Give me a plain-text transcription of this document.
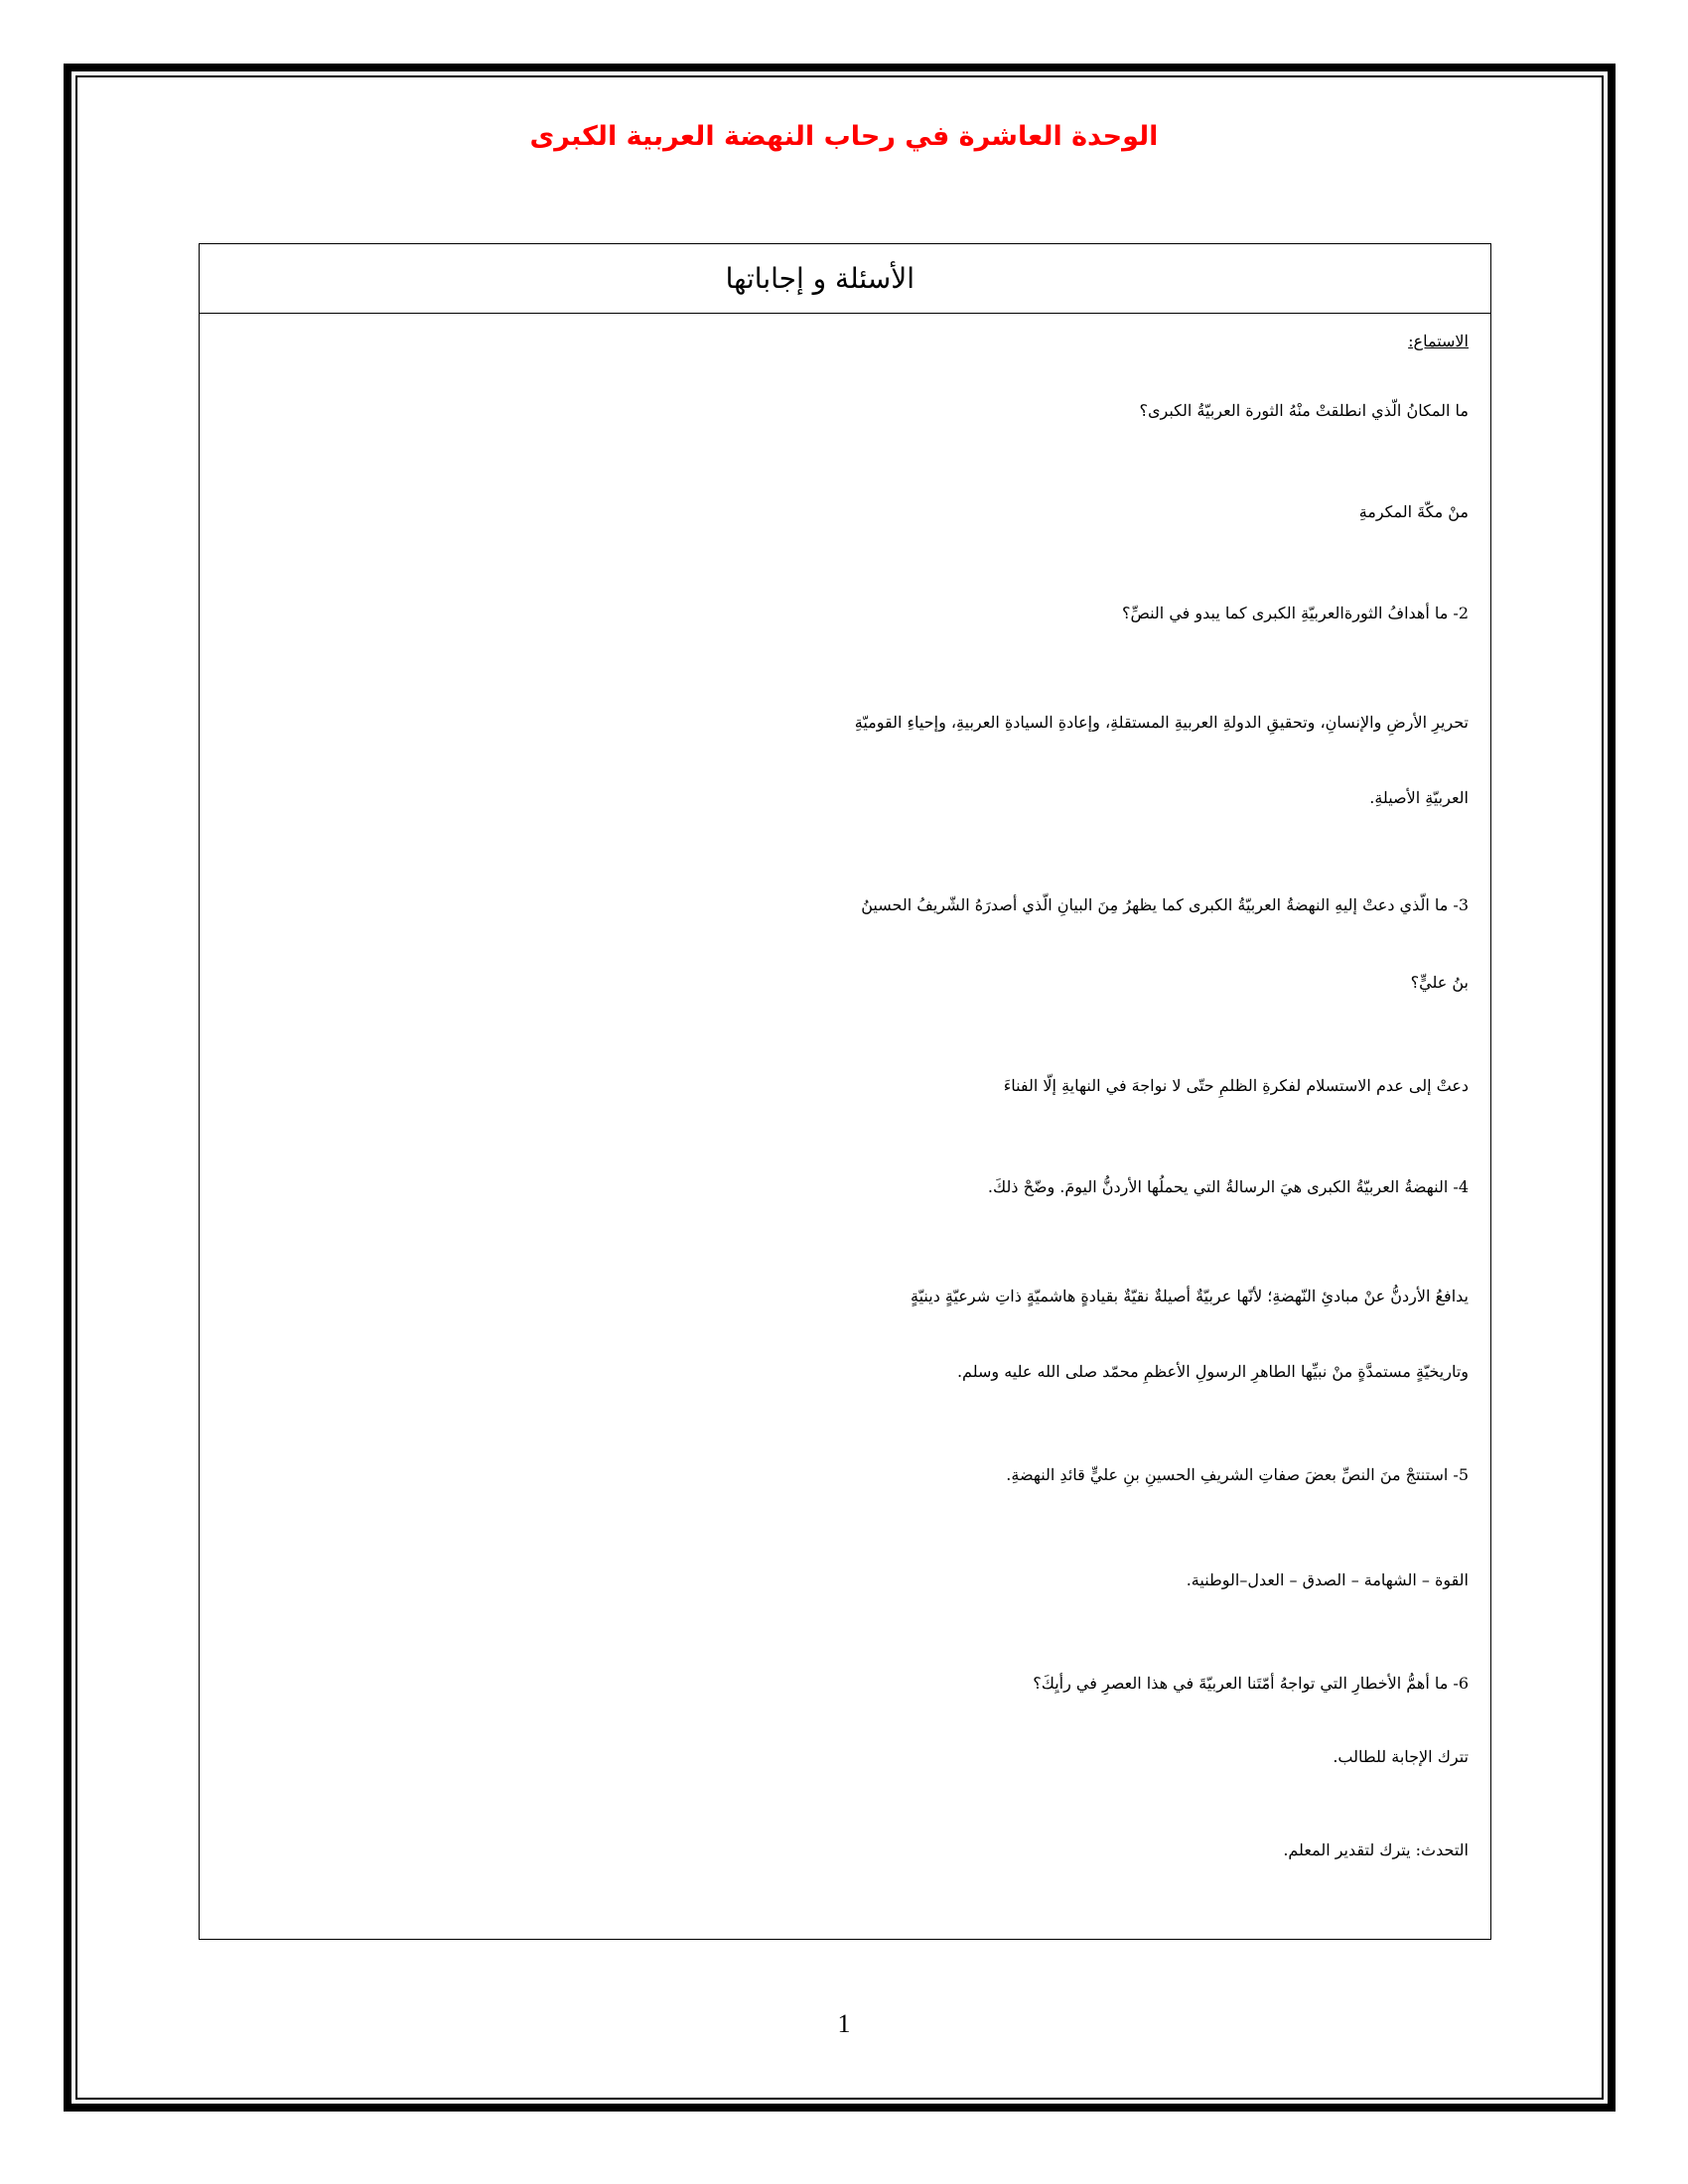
الوحدة العاشرة في رحاب النهضة العربية الكبرى
الأسئلة و إجاباتها
الاستماع:
ما المكانُ الّذي انطلقتْ منْهُ الثورة العربيّةُ الكبرى؟
منْ مكّةَ المكرمةِ
2- ما أهدافُ الثورةالعربيّةِ الكبرى كما يبدو في النصِّ؟
تحريرِ الأرضِ والإنسانِ، وتحقيقِ الدولةِ العربيةِ المستقلةِ، وإعادةِ السيادةِ العربيةِ، وإحياءِ القوميّةِ
العربيّةِ الأصيلةِ.
3- ما الّذي دعتْ إليهِ النهضةُ العربيّةُ الكبرى كما يظهرُ مِنَ البيانِ الّذي أصدرَهُ الشّريفُ الحسينُ
بنُ عليٍّ؟
دعتْ إلى عدم الاستسلام لفكرةِ الظلمِ حتّى لا نواجهَ في النهايةِ إلّا الفناءَ
4- النهضةُ العربيّةُ الكبرى هيَ الرسالةُ التي يحملُها الأردنُّ اليومَ. وضّحْ ذلكَ.
يدافعُ الأردنُّ عنْ مبادئِ النّهضةِ؛ لأنّها عربيّةٌ أصيلةٌ نقيّةٌ بقيادةٍ هاشميّةٍ ذاتِ شرعيّةٍ دينيّةٍ
وتاريخيّةٍ مستمدَّةٍ منْ نبيِّها الطاهرِ الرسولِ الأعظمِ محمّد صلى الله عليه وسلم.
5- استنتجْ منَ النصِّ بعضَ صفاتِ الشريفِ الحسينِ بنِ عليٍّ قائدِ النهضةِ.
القوة – الشهامة – الصدق – العدل–الوطنية.
6- ما أهمُّ الأخطارِ التي تواجهُ أمّتَنا العربيّةَ في هذا العصرِ في رأيِكَ؟
تترك الإجابة للطالب.
التحدث: يترك لتقدير المعلم.
1
